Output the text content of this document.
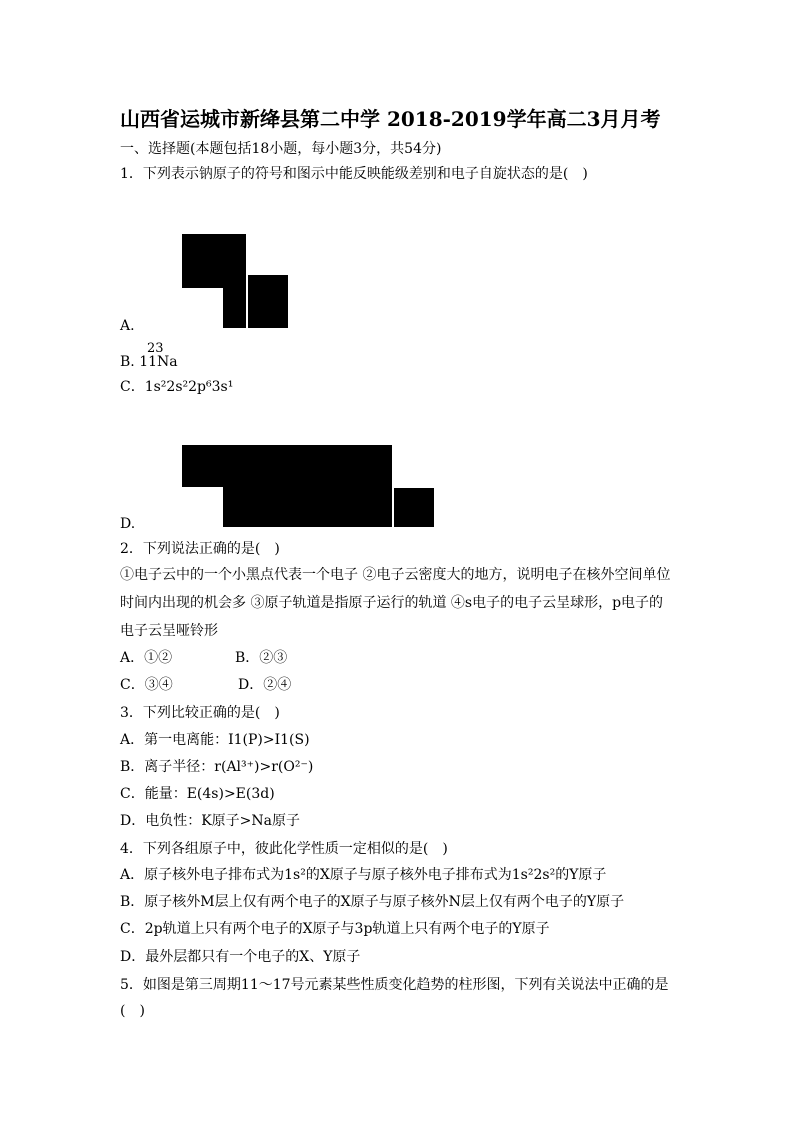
山西省运城市新绛县第二中学 2018-2019学年高二3月月考
一、选择题(本题包括18小题，每小题3分，共54分)
1．下列表示钠原子的符号和图示中能反映能级差别和电子自旋状态的是(　)
A.
23
B. 11Na
C．1s²2s²2p⁶3s¹
D.
2．下列说法正确的是(　)
①电子云中的一个小黑点代表一个电子 ②电子云密度大的地方，说明电子在核外空间单位
时间内出现的机会多 ③原子轨道是指原子运行的轨道 ④s电子的电子云呈球形，p电子的
电子云呈哑铃形
A．①②	B．②③
C．③④	D．②④
3．下列比较正确的是(　)
A．第一电离能：I1(P)>I1(S)
B．离子半径：r(Al³⁺)>r(O²⁻)
C．能量：E(4s)>E(3d)
D．电负性：K原子>Na原子
4．下列各组原子中，彼此化学性质一定相似的是(　)
A．原子核外电子排布式为1s²的X原子与原子核外电子排布式为1s²2s²的Y原子
B．原子核外M层上仅有两个电子的X原子与原子核外N层上仅有两个电子的Y原子
C．2p轨道上只有两个电子的X原子与3p轨道上只有两个电子的Y原子
D．最外层都只有一个电子的X、Y原子
5．如图是第三周期11～17号元素某些性质变化趋势的柱形图，下列有关说法中正确的是
(　)
